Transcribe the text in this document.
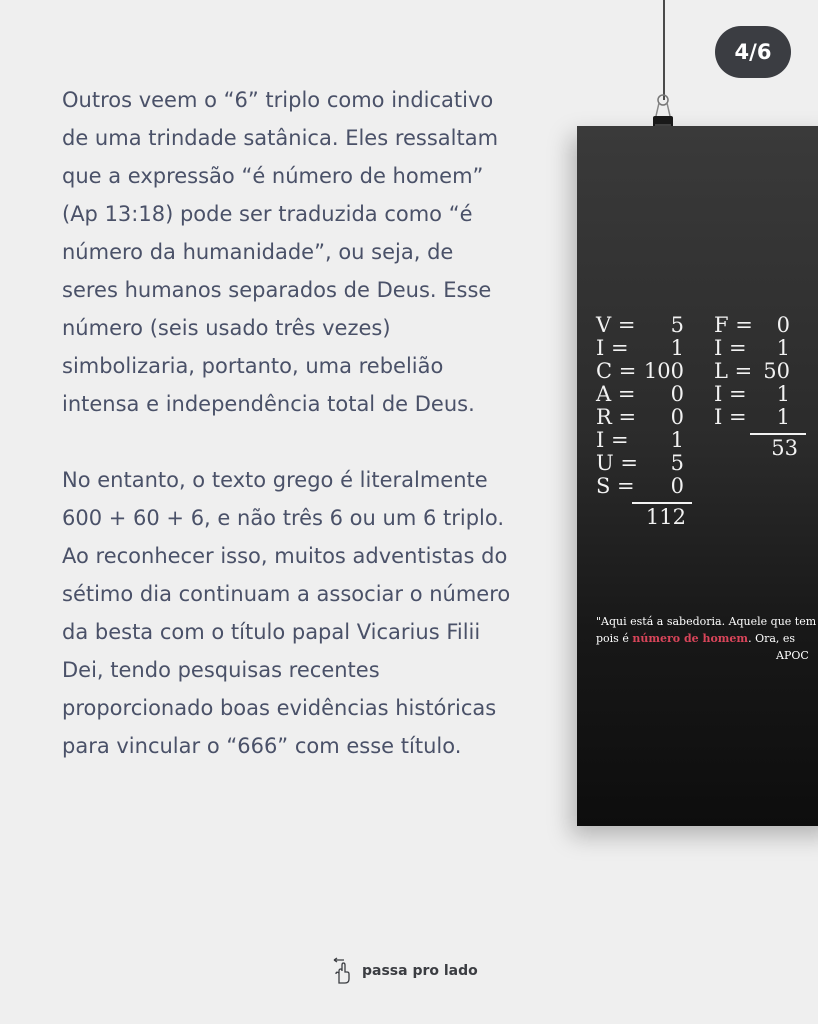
4/6

Outros veem o “6” triplo como indicativo de uma trindade satânica. Eles ressaltam que a expressão “é número de homem” (Ap 13:18) pode ser traduzida como “é número da humanidade”, ou seja, de seres humanos separados de Deus. Esse número (seis usado três vezes) simbolizaria, portanto, uma rebelião intensa e independência total de Deus.

No entanto, o texto grego é literalmente 600 + 60 + 6, e não três 6 ou um 6 triplo. Ao reconhecer isso, muitos adventistas do sétimo dia continuam a associar o número da besta com o título papal Vicarius Filii Dei, tendo pesquisas recentes proporcionado boas evidências históricas para vincular o “666” com esse título.

V =	5
I =	1
C = 100
A =	0
R =	0
I =	1
U =	5
S =	0
112
F =	0
I =	1
L = 50
I =	1
I =	1
53
"Aqui está a sabedoria. Aquele que tem
pois é número de homem. Ora, es
APOC
passa pro lado
